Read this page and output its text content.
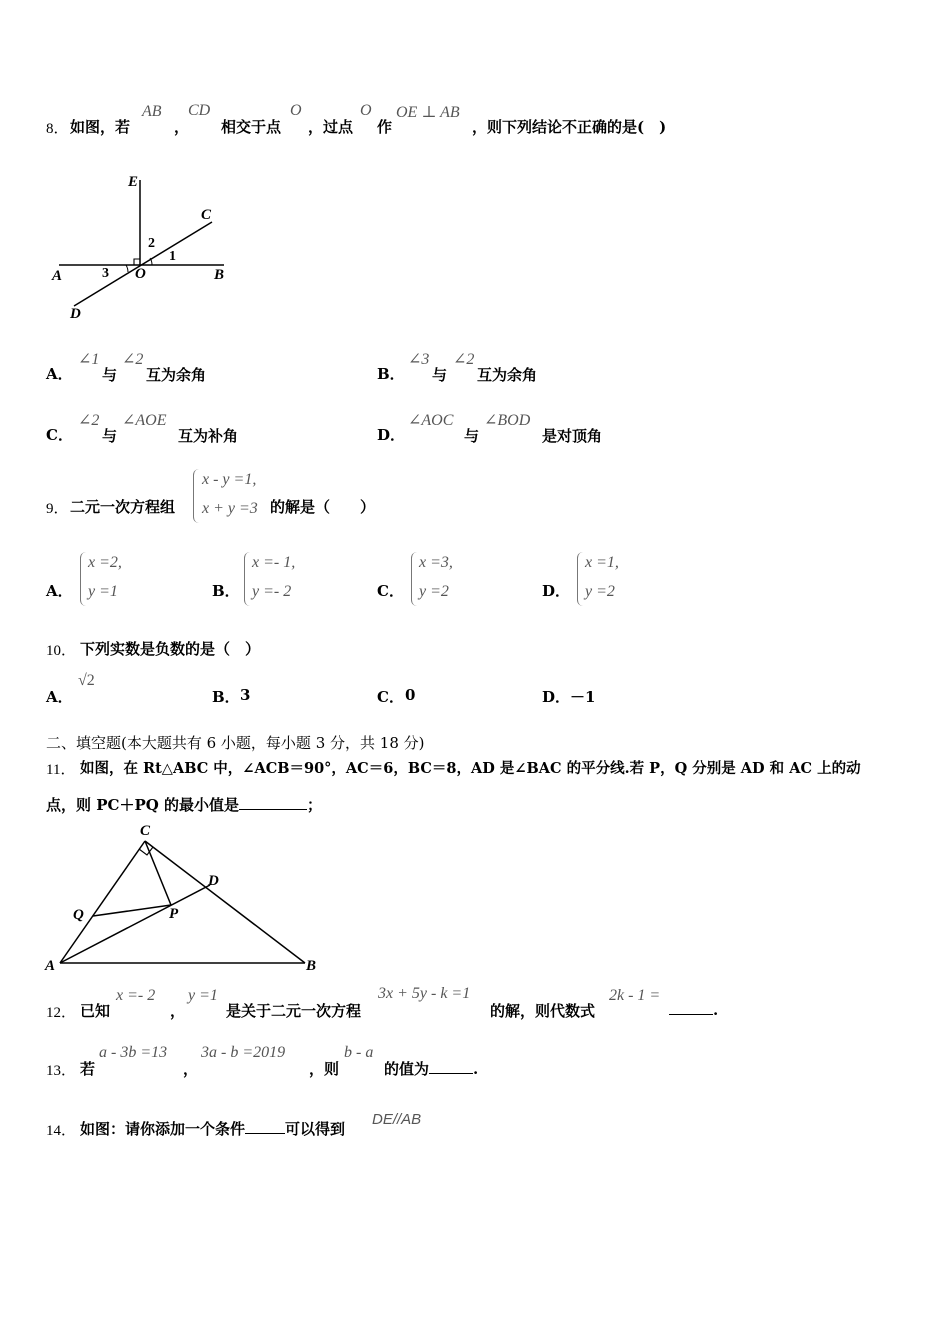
8． 如图，若
AB
，
CD
相交于点
O
，过点
O
作
OE ⊥ AB
，则下列结论不正确的是(　)
E
C
A	O	B
D
1
2
3
A．
∠1
与
∠2
互为余角	B．
∠3
与
∠2
互为余角
C．
∠2
与
∠AOE
互为补角	D．
∠AOC
与
∠BOD
是对顶角
9． 二元一次方程组
x - y =1,
x + y =3 的解是（　　）
A．
x =2,
y =1	B．
x =- 1,
y =- 2	C．
x =3,
y =2	D．
x =1,
y =2
10． 下列实数是负数的是（　）
A．
√2
B． 3	C． 0	D． －1
二、填空题(本大题共有 6 小题，每小题 3 分，共 18 分)
11． 如图，在 Rt△ABC 中，∠ACB＝90°，AC＝6，BC＝8，AD 是∠BAC 的平分线.若 P，Q 分别是 AD 和 AC 上的动
点，则 PC＋PQ 的最小值是	；
C
D
Q	P
A	B
12． 已知
x =- 2
，
y =1
是关于二元一次方程
3x + 5y - k =1
的解，则代数式
2k - 1 =
.
13． 若
a - 3b =13
，
3a - b =2019
，则
b - a
的值为	.
14． 如图：请你添加一个条件	可以得到
DE//AB
